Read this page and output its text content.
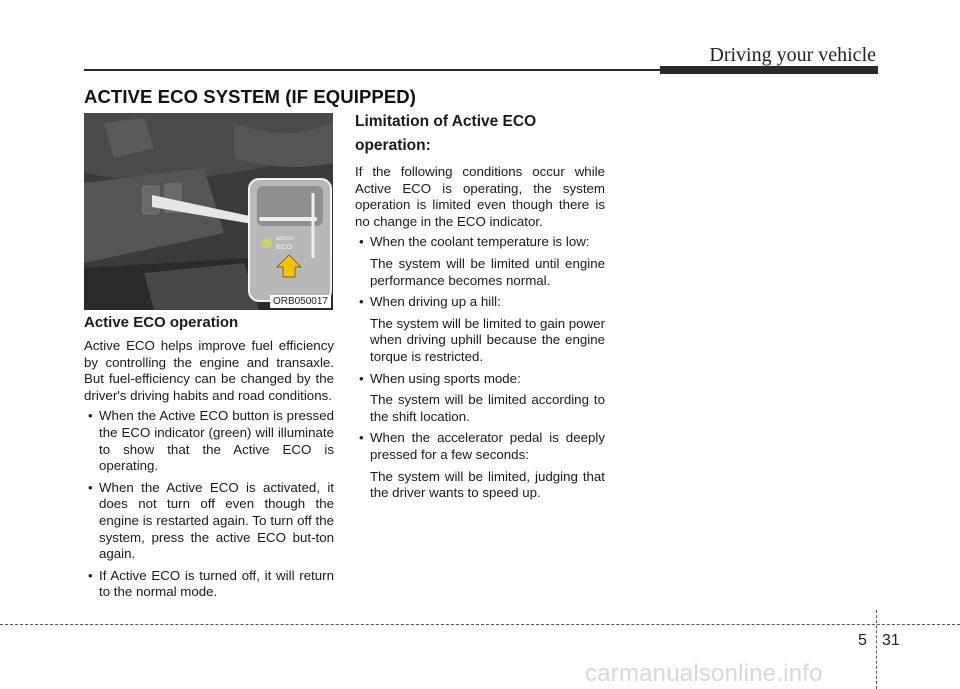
Driving your vehicle
ACTIVE ECO SYSTEM (IF EQUIPPED)
active
ECO
ORB050017
Active ECO operation

Active ECO helps improve fuel efficiency by controlling the engine and transaxle. But fuel-efficiency can be changed by the driver's driving habits and road conditions.

• When the Active ECO button is pressed the ECO indicator (green) will illuminate to show that the Active ECO is operating.
• When the Active ECO is activated, it does not turn off even though the engine is restarted again. To turn off the system, press the active ECO but-ton again.
• If Active ECO is turned off, it will return to the normal mode.
Limitation of Active ECO operation:

If the following conditions occur while Active ECO is operating, the system operation is limited even though there is no change in the ECO indicator.

• When the coolant temperature is low:
The system will be limited until engine performance becomes normal.
• When driving up a hill:
The system will be limited to gain power when driving uphill because the engine torque is restricted.
• When using sports mode:
The system will be limited according to the shift location.
• When the accelerator pedal is deeply pressed for a few seconds:
The system will be limited, judging that the driver wants to speed up.
5 31
carmanualsonline.info
